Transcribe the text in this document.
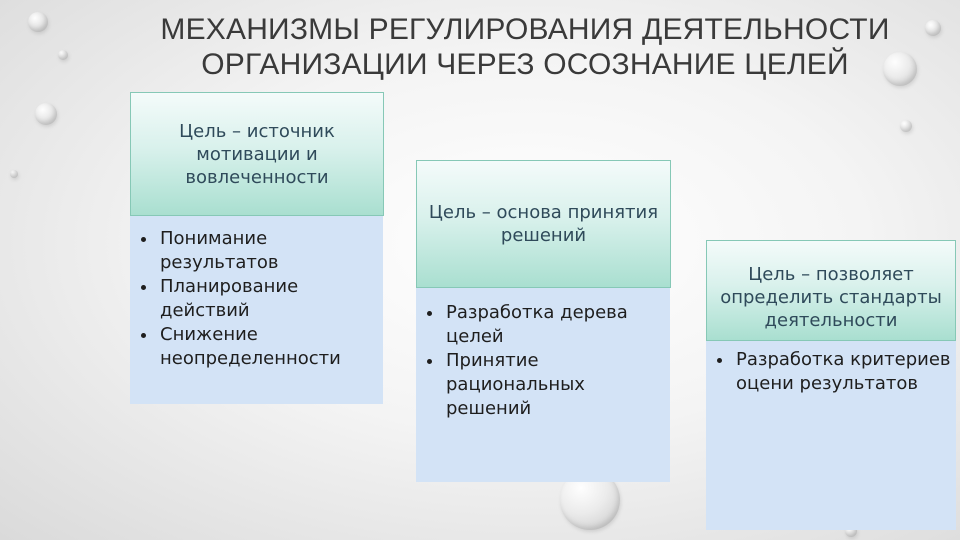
МЕХАНИЗМЫ РЕГУЛИРОВАНИЯ ДЕЯТЕЛЬНОСТИ
ОРГАНИЗАЦИИ ЧЕРЕЗ ОСОЗНАНИЕ ЦЕЛЕЙ
• Понимание результатов
• Планирование действий
• Снижение неопределенности
Цель – источник мотивации и вовлеченности
• Разработка дерева целей
• Принятие рациональных решений
Цель – основа принятия решений
• Разработка критериев оцени результатов
Цель – позволяет определить стандарты деятельности
